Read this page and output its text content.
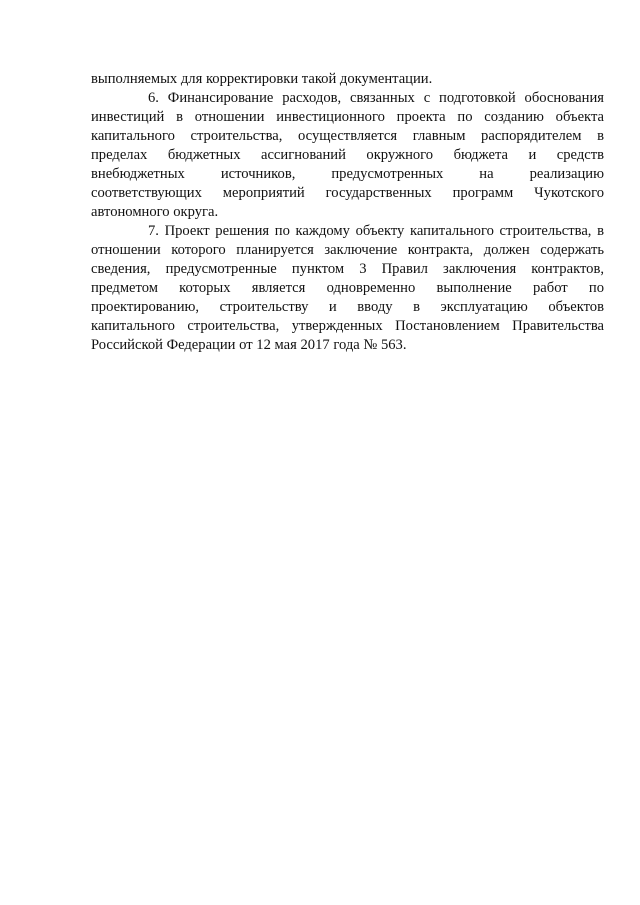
выполняемых для корректировки такой документации.

6. Финансирование расходов, связанных с подготовкой обоснования
инвестиций в отношении инвестиционного проекта по созданию объекта
капитального строительства, осуществляется главным распорядителем в
пределах бюджетных ассигнований окружного бюджета и средств
внебюджетных источников, предусмотренных на реализацию
соответствующих мероприятий государственных программ Чукотского
автономного округа.

7. Проект решения по каждому объекту капитального строительства, в
отношении которого планируется заключение контракта, должен содержать
сведения, предусмотренные пунктом 3 Правил заключения контрактов,
предметом которых является одновременно выполнение работ по
проектированию, строительству и вводу в эксплуатацию объектов
капитального строительства, утвержденных Постановлением Правительства
Российской Федерации от 12 мая 2017 года № 563.
